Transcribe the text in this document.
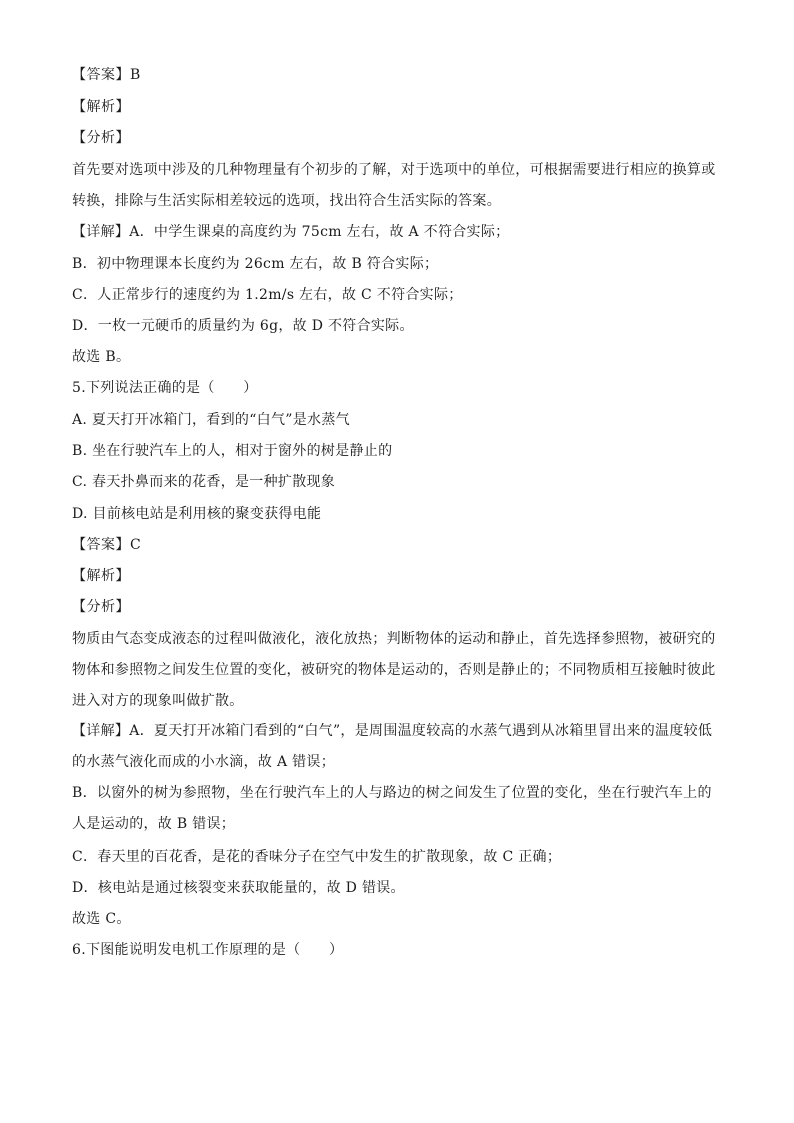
【答案】B
【解析】
【分析】
首先要对选项中涉及的几种物理量有个初步的了解，对于选项中的单位，可根据需要进行相应的换算或转换，排除与生活实际相差较远的选项，找出符合生活实际的答案。
【详解】A．中学生课桌的高度约为 75cm 左右，故 A 不符合实际；
B．初中物理课本长度约为 26cm 左右，故 B 符合实际；
C．人正常步行的速度约为 1.2m/s 左右，故 C 不符合实际；
D．一枚一元硬币的质量约为 6g，故 D 不符合实际。
故选 B。
5.下列说法正确的是（　　）
A. 夏天打开冰箱门，看到的“白气”是水蒸气
B. 坐在行驶汽车上的人，相对于窗外的树是静止的
C. 春天扑鼻而来的花香，是一种扩散现象
D. 目前核电站是利用核的聚变获得电能
【答案】C
【解析】
【分析】
物质由气态变成液态的过程叫做液化，液化放热；判断物体的运动和静止，首先选择参照物，被研究的物体和参照物之间发生位置的变化，被研究的物体是运动的，否则是静止的；不同物质相互接触时彼此进入对方的现象叫做扩散。
【详解】A．夏天打开冰箱门看到的“白气”，是周围温度较高的水蒸气遇到从冰箱里冒出来的温度较低的水蒸气液化而成的小水滴，故 A 错误；
B．以窗外的树为参照物，坐在行驶汽车上的人与路边的树之间发生了位置的变化，坐在行驶汽车上的人是运动的，故 B 错误；
C．春天里的百花香，是花的香味分子在空气中发生的扩散现象，故 C 正确；
D．核电站是通过核裂变来获取能量的，故 D 错误。
故选 C。
6.下图能说明发电机工作原理的是（　　）
